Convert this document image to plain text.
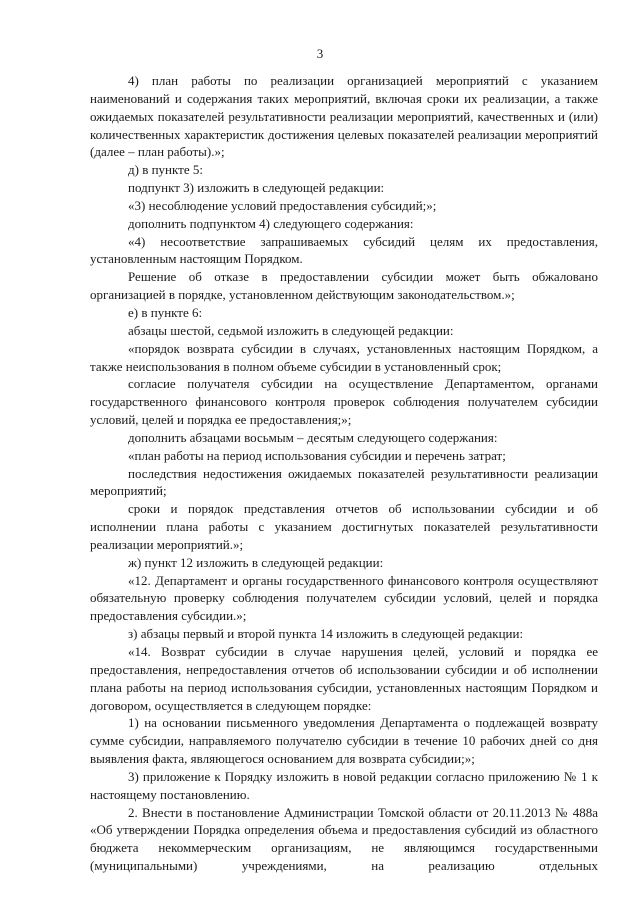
3

4) план работы по реализации организацией мероприятий с указанием наименований и содержания таких мероприятий, включая сроки их реализации, а также ожидаемых показателей результативности реализации мероприятий, качественных и (или) количественных характеристик достижения целевых показателей реализации мероприятий (далее – план работы).»;

д) в пункте 5:

подпункт 3) изложить в следующей редакции:

«3) несоблюдение условий предоставления субсидий;»;

дополнить подпунктом 4) следующего содержания:

«4) несоответствие запрашиваемых субсидий целям их предоставления, установленным настоящим Порядком.

Решение об отказе в предоставлении субсидии может быть обжаловано организацией в порядке, установленном действующим законодательством.»;

е) в пункте 6:

абзацы шестой, седьмой изложить в следующей редакции:

«порядок возврата субсидии в случаях, установленных настоящим Порядком, а также неиспользования в полном объеме субсидии в установленный срок;

согласие получателя субсидии на осуществление Департаментом, органами государственного финансового контроля проверок соблюдения получателем субсидии условий, целей и порядка ее предоставления;»;

дополнить абзацами восьмым – десятым следующего содержания:

«план работы на период использования субсидии и перечень затрат;

последствия недостижения ожидаемых показателей результативности реализации мероприятий;

сроки и порядок представления отчетов об использовании субсидии и об исполнении плана работы с указанием достигнутых показателей результативности реализации мероприятий.»;

ж) пункт 12 изложить в следующей редакции:

«12. Департамент и органы государственного финансового контроля осуществляют обязательную проверку соблюдения получателем субсидии условий, целей и порядка предоставления субсидии.»;

з) абзацы первый и второй пункта 14 изложить в следующей редакции:

«14. Возврат субсидии в случае нарушения целей, условий и порядка ее предоставления, непредоставления отчетов об использовании субсидии и об исполнении плана работы на период использования субсидии, установленных настоящим Порядком и договором, осуществляется в следующем порядке:

1) на основании письменного уведомления Департамента о подлежащей возврату сумме субсидии, направляемого получателю субсидии в течение 10 рабочих дней со дня выявления факта, являющегося основанием для возврата субсидии;»;

3) приложение к Порядку изложить в новой редакции согласно приложению № 1 к настоящему постановлению.

2. Внести в постановление Администрации Томской области от 20.11.2013 № 488а «Об утверждении Порядка определения объема и предоставления субсидий из областного бюджета некоммерческим организациям, не являющимся государственными (муниципальными) учреждениями, на реализацию отдельных
